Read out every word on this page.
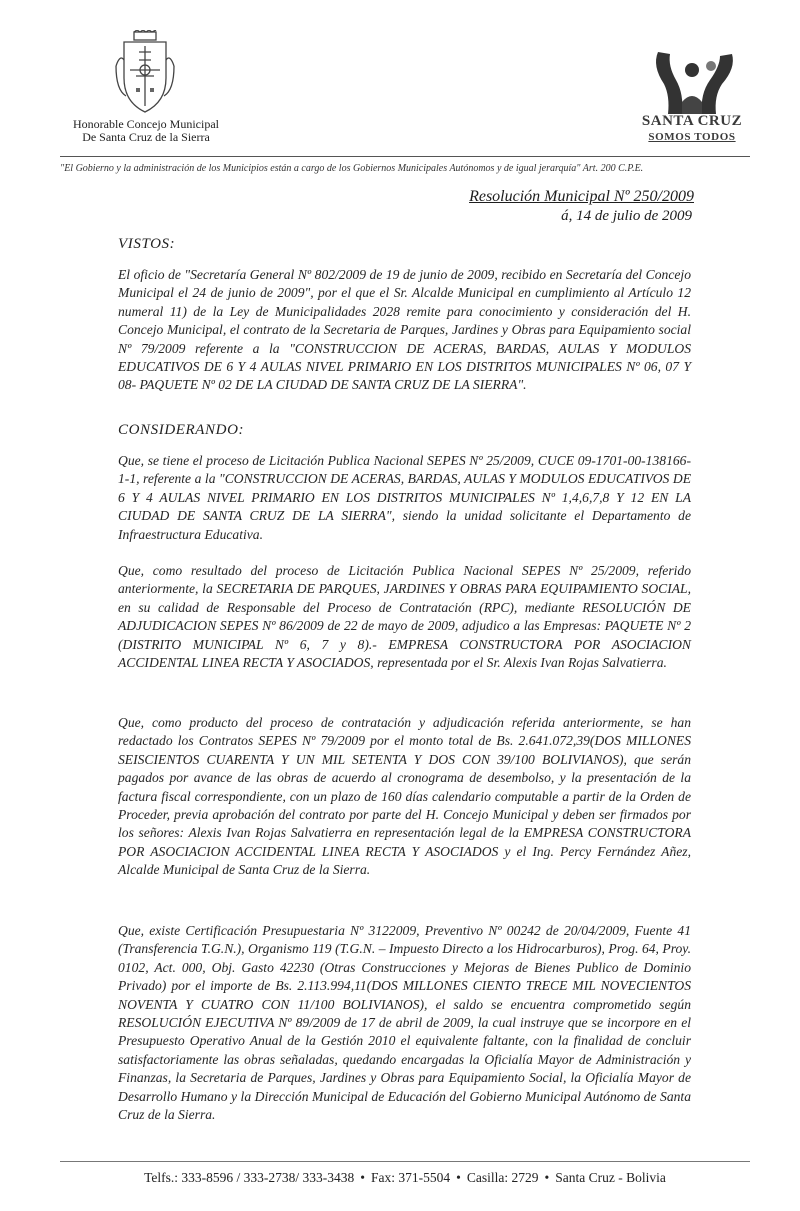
Honorable Concejo Municipal
De Santa Cruz de la Sierra
SANTA CRUZ
SOMOS TODOS
"El Gobierno y la administración de los Municipios están a cargo de los Gobiernos Municipales Autónomos y de igual jerarquía" Art. 200 C.P.E.
Resolución Municipal Nº 250/2009
á, 14 de julio de 2009
VISTOS:

El oficio de "Secretaría General Nº 802/2009 de 19 de junio de 2009, recibido en Secretaría del Concejo Municipal el 24 de junio de 2009", por el que el Sr. Alcalde Municipal en cumplimiento al Artículo 12 numeral 11) de la Ley de Municipalidades 2028 remite para conocimiento y consideración del H. Concejo Municipal, el contrato de la Secretaria de Parques, Jardines y Obras para Equipamiento social Nº 79/2009 referente a la "CONSTRUCCION DE ACERAS, BARDAS, AULAS Y MODULOS EDUCATIVOS DE 6 Y 4 AULAS NIVEL PRIMARIO EN LOS DISTRITOS MUNICIPALES Nº 06, 07 Y 08- PAQUETE Nº 02 DE LA CIUDAD DE SANTA CRUZ DE LA SIERRA".

CONSIDERANDO:

Que, se tiene el proceso de Licitación Publica Nacional SEPES Nº 25/2009, CUCE 09-1701-00-138166-1-1, referente a la "CONSTRUCCION DE ACERAS, BARDAS, AULAS Y MODULOS EDUCATIVOS DE 6 Y 4 AULAS NIVEL PRIMARIO EN LOS DISTRITOS MUNICIPALES Nº 1,4,6,7,8 Y 12 EN LA CIUDAD DE SANTA CRUZ DE LA SIERRA", siendo la unidad solicitante el Departamento de Infraestructura Educativa.

Que, como resultado del proceso de Licitación Publica Nacional SEPES Nº 25/2009, referido anteriormente, la SECRETARIA DE PARQUES, JARDINES Y OBRAS PARA EQUIPAMIENTO SOCIAL, en su calidad de Responsable del Proceso de Contratación (RPC), mediante RESOLUCIÓN DE ADJUDICACION SEPES Nº 86/2009 de 22 de mayo de 2009, adjudico a las Empresas: PAQUETE Nº 2 (DISTRITO MUNICIPAL Nº 6, 7 y 8).- EMPRESA CONSTRUCTORA POR ASOCIACION ACCIDENTAL LINEA RECTA Y ASOCIADOS, representada por el Sr. Alexis Ivan Rojas Salvatierra.

Que, como producto del proceso de contratación y adjudicación referida anteriormente, se han redactado los Contratos SEPES Nº 79/2009 por el monto total de Bs. 2.641.072,39(DOS MILLONES SEISCIENTOS CUARENTA Y UN MIL SETENTA Y DOS CON 39/100 BOLIVIANOS), que serán pagados por avance de las obras de acuerdo al cronograma de desembolso, y la presentación de la factura fiscal correspondiente, con un plazo de 160 días calendario computable a partir de la Orden de Proceder, previa aprobación del contrato por parte del H. Concejo Municipal y deben ser firmados por los señores: Alexis Ivan Rojas Salvatierra en representación legal de la EMPRESA CONSTRUCTORA POR ASOCIACION ACCIDENTAL LINEA RECTA Y ASOCIADOS y el Ing. Percy Fernández Añez, Alcalde Municipal de Santa Cruz de la Sierra.

Que, existe Certificación Presupuestaria Nº 3122009, Preventivo Nº 00242 de 20/04/2009, Fuente 41 (Transferencia T.G.N.), Organismo 119 (T.G.N. – Impuesto Directo a los Hidrocarburos), Prog. 64, Proy. 0102, Act. 000, Obj. Gasto 42230 (Otras Construcciones y Mejoras de Bienes Publico de Dominio Privado) por el importe de Bs. 2.113.994,11(DOS MILLONES CIENTO TRECE MIL NOVECIENTOS NOVENTA Y CUATRO CON 11/100 BOLIVIANOS), el saldo se encuentra comprometido según RESOLUCIÓN EJECUTIVA Nº 89/2009 de 17 de abril de 2009, la cual instruye que se incorpore en el Presupuesto Operativo Anual de la Gestión 2010 el equivalente faltante, con la finalidad de concluir satisfactoriamente las obras señaladas, quedando encargadas la Oficialía Mayor de Administración y Finanzas, la Secretaria de Parques, Jardines y Obras para Equipamiento Social, la Oficialía Mayor de Desarrollo Humano y la Dirección Municipal de Educación del Gobierno Municipal Autónomo de Santa Cruz de la Sierra.

Telfs.: 333-8596 / 333-2738/ 333-3438 • Fax: 371-5504 • Casilla: 2729 • Santa Cruz - Bolivia
